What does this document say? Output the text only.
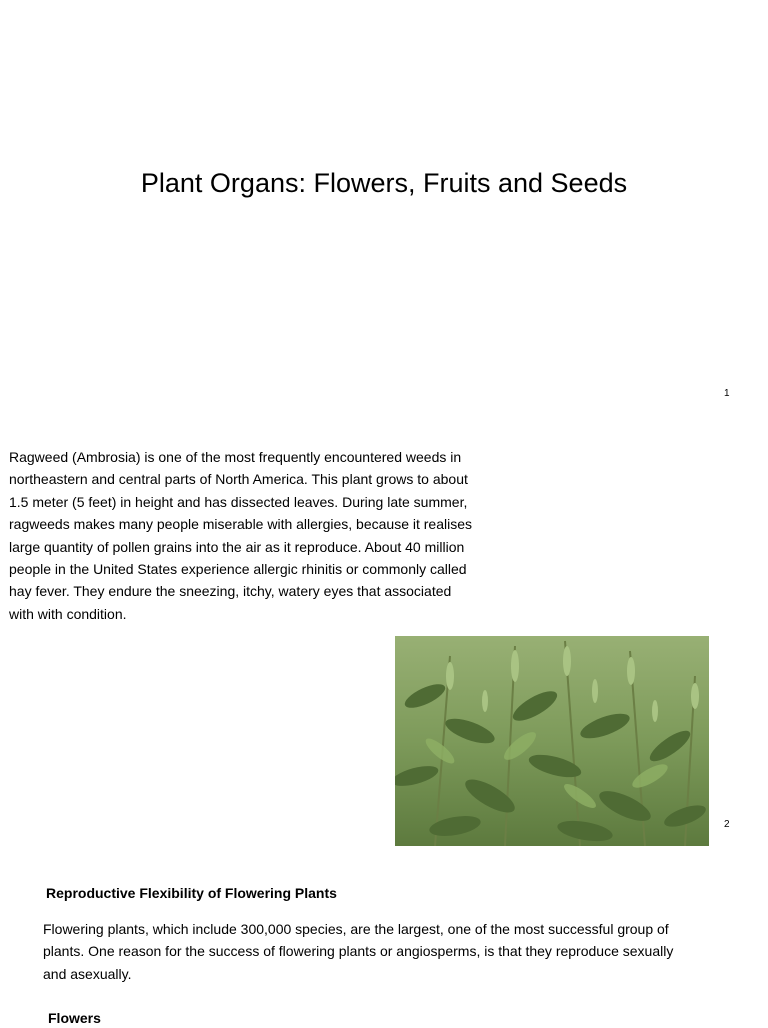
Plant Organs: Flowers, Fruits and Seeds
1

Ragweed (Ambrosia) is one of the most frequently encountered weeds in northeastern and central parts of North America. This plant grows to about 1.5 meter (5 feet) in height and has dissected leaves. During late summer, ragweeds makes many people miserable with allergies, because it realises large quantity of pollen grains into the air as it reproduce. About 40 million people in the United States experience allergic rhinitis or commonly called hay fever. They endure the sneezing, itchy, watery eyes that associated with with condition.

2
Reproductive Flexibility of Flowering Plants

Flowering plants, which include 300,000 species, are the largest, one of the most successful group of plants. One reason for the success of flowering plants or angiosperms, is that they reproduce sexually and asexually.

Flowers
